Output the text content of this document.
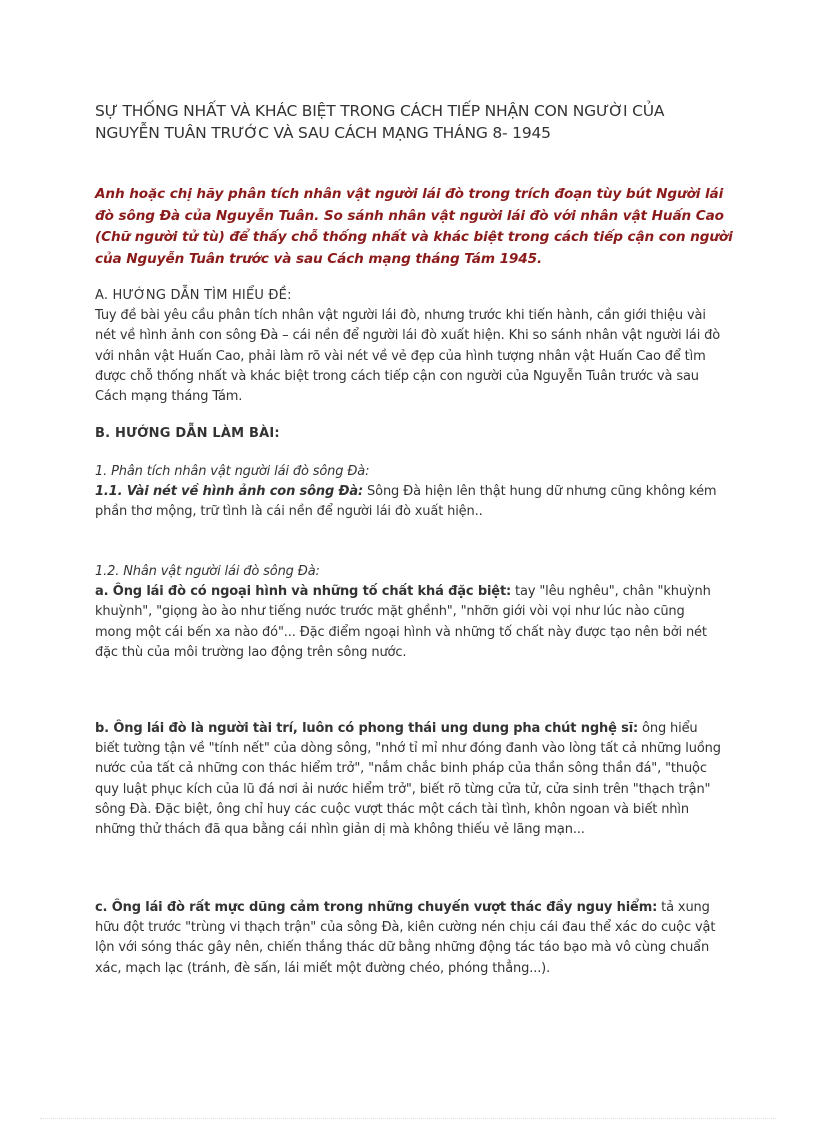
SỰ THỐNG NHẤT VÀ KHÁC BIỆT TRONG CÁCH TIẾP NHẬN CON NGƯỜI CỦA
NGUYỄN TUÂN TRƯỚC VÀ SAU CÁCH MẠNG THÁNG 8- 1945
Anh hoặc chị hãy phân tích nhân vật người lái đò trong trích đoạn tùy bút Người lái đò sông Đà của Nguyễn Tuân. So sánh nhân vật người lái đò với nhân vật Huấn Cao (Chữ người tử tù) để thấy chỗ thống nhất và khác biệt trong cách tiếp cận con người của Nguyễn Tuân trước và sau Cách mạng tháng Tám 1945.
A. HƯỚNG DẪN TÌM HIỂU ĐỀ:
Tuy đề bài yêu cầu phân tích nhân vật người lái đò, nhưng trước khi tiến hành, cần giới thiệu vài nét về hình ảnh con sông Đà – cái nền để người lái đò xuất hiện. Khi so sánh nhân vật người lái đò với nhân vật Huấn Cao, phải làm rõ vài nét về vẻ đẹp của hình tượng nhân vật Huấn Cao để tìm được chỗ thống nhất và khác biệt trong cách tiếp cận con người của Nguyễn Tuân trước và sau Cách mạng tháng Tám.
B. HƯỚNG DẪN LÀM BÀI:
1. Phân tích nhân vật người lái đò sông Đà:
1.1. Vài nét về hình ảnh con sông Đà: Sông Đà hiện lên thật hung dữ nhưng cũng không kém phần thơ mộng, trữ tình là cái nền để người lái đò xuất hiện..
1.2. Nhân vật người lái đò sông Đà:
a. Ông lái đò có ngoại hình và những tố chất khá đặc biệt: tay "lêu nghêu", chân "khuỳnh khuỳnh", "giọng ào ào như tiếng nước trước mặt ghềnh", "nhỡn giới vòi vọi như lúc nào cũng mong một cái bến xa nào đó"... Đặc điểm ngoại hình và những tố chất này được tạo nên bởi nét đặc thù của môi trường lao động trên sông nước.
b. Ông lái đò là người tài trí, luôn có phong thái ung dung pha chút nghệ sĩ: ông hiểu biết tường tận về "tính nết" của dòng sông, "nhớ tỉ mỉ như đóng đanh vào lòng tất cả những luồng nước của tất cả những con thác hiểm trở", "nắm chắc binh pháp của thần sông thần đá", "thuộc quy luật phục kích của lũ đá nơi ải nước hiểm trở", biết rõ từng cửa tử, cửa sinh trên "thạch trận" sông Đà. Đặc biệt, ông chỉ huy các cuộc vượt thác một cách tài tình, khôn ngoan và biết nhìn những thử thách đã qua bằng cái nhìn giản dị mà không thiếu vẻ lãng mạn...
c. Ông lái đò rất mực dũng cảm trong những chuyến vượt thác đầy nguy hiểm: tả xung hữu đột trước "trùng vi thạch trận" của sông Đà, kiên cường nén chịu cái đau thể xác do cuộc vật lộn với sóng thác gây nên, chiến thắng thác dữ bằng những động tác táo bạo mà vô cùng chuẩn xác, mạch lạc (tránh, đè sấn, lái miết một đường chéo, phóng thẳng...).
